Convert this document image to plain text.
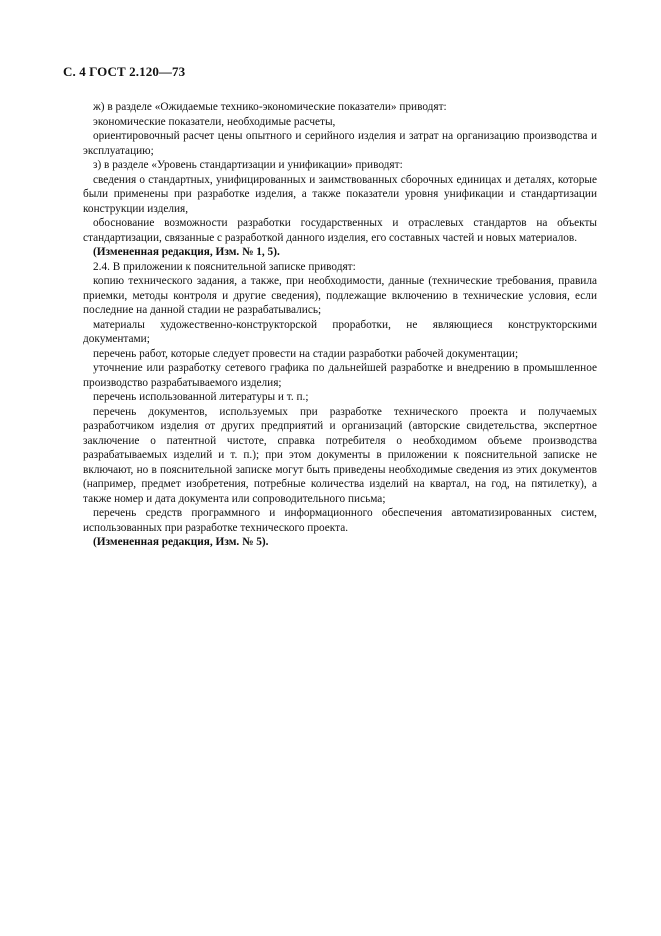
С. 4 ГОСТ 2.120—73

ж) в разделе «Ожидаемые технико-экономические показатели» приводят:

экономические показатели, необходимые расчеты,

ориентировочный расчет цены опытного и серийного изделия и затрат на организацию производства и эксплуатацию;

з) в разделе «Уровень стандартизации и унификации» приводят:

сведения о стандартных, унифицированных и заимствованных сборочных единицах и деталях, которые были применены при разработке изделия, а также показатели уровня унификации и стандартизации конструкции изделия,

обоснование возможности разработки государственных и отраслевых стандартов на объекты стандартизации, связанные с разработкой данного изделия, его составных частей и новых материалов.

(Измененная редакция, Изм. № 1, 5).

2.4. В приложении к пояснительной записке приводят:

копию технического задания, а также, при необходимости, данные (технические требования, правила приемки, методы контроля и другие сведения), подлежащие включению в технические условия, если последние на данной стадии не разрабатывались;

материалы художественно-конструкторской проработки, не являющиеся конструкторскими документами;

перечень работ, которые следует провести на стадии разработки рабочей документации;

уточнение или разработку сетевого графика по дальнейшей разработке и внедрению в промышленное производство разрабатываемого изделия;

перечень использованной литературы и т. п.;

перечень документов, используемых при разработке технического проекта и получаемых разработчиком изделия от других предприятий и организаций (авторские свидетельства, экспертное заключение о патентной чистоте, справка потребителя о необходимом объеме производства разрабатываемых изделий и т. п.); при этом документы в приложении к пояснительной записке не включают, но в пояснительной записке могут быть приведены необходимые сведения из этих документов (например, предмет изобретения, потребные количества изделий на квартал, на год, на пятилетку), а также номер и дата документа или сопроводительного письма;

перечень средств программного и информационного обеспечения автоматизированных систем, использованных при разработке технического проекта.

(Измененная редакция, Изм. № 5).
